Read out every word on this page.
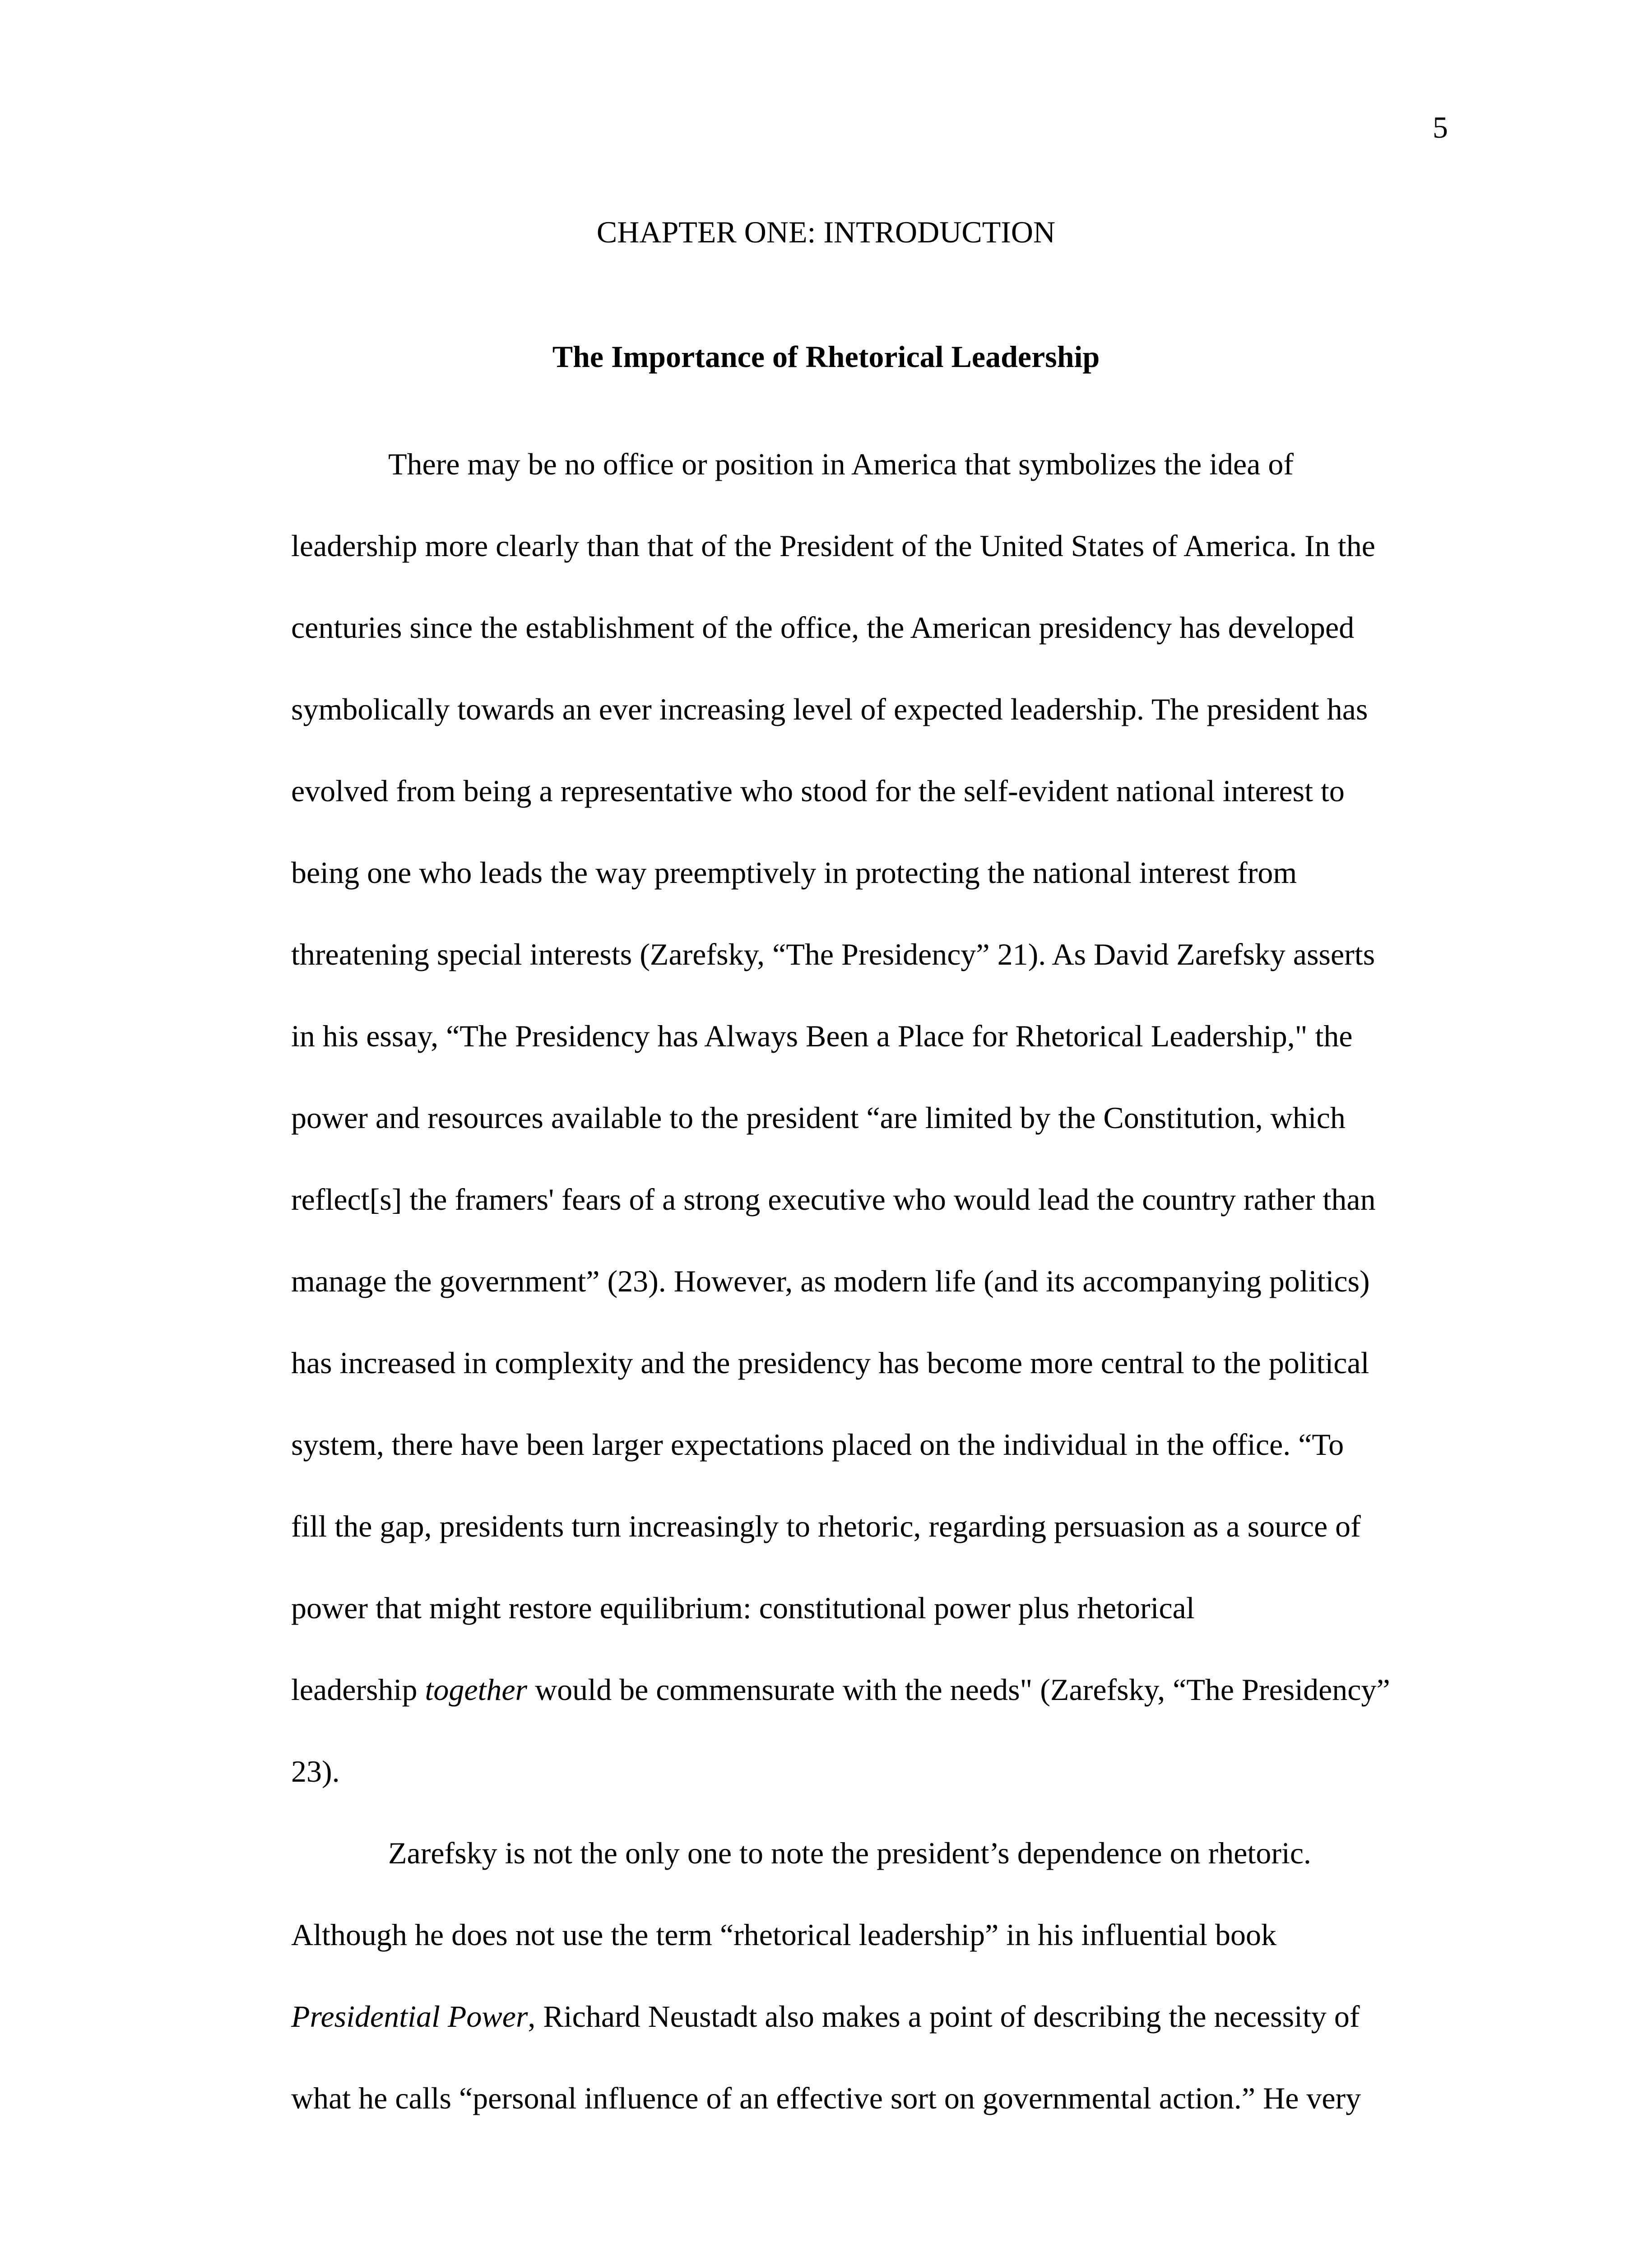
5
CHAPTER ONE: INTRODUCTION
The Importance of Rhetorical Leadership

There may be no office or position in America that symbolizes the idea of
leadership more clearly than that of the President of the United States of America. In the
centuries since the establishment of the office, the American presidency has developed
symbolically towards an ever increasing level of expected leadership. The president has
evolved from being a representative who stood for the self-evident national interest to
being one who leads the way preemptively in protecting the national interest from
threatening special interests (Zarefsky, “The Presidency” 21). As David Zarefsky asserts
in his essay, “The Presidency has Always Been a Place for Rhetorical Leadership," the
power and resources available to the president “are limited by the Constitution, which
reflect[s] the framers' fears of a strong executive who would lead the country rather than
manage the government” (23). However, as modern life (and its accompanying politics)
has increased in complexity and the presidency has become more central to the political
system, there have been larger expectations placed on the individual in the office. “To
fill the gap, presidents turn increasingly to rhetoric, regarding persuasion as a source of
power that might restore equilibrium: constitutional power plus rhetorical
leadership together would be commensurate with the needs" (Zarefsky, “The Presidency”
23).

Zarefsky is not the only one to note the president’s dependence on rhetoric.
Although he does not use the term “rhetorical leadership” in his influential book
Presidential Power, Richard Neustadt also makes a point of describing the necessity of
what he calls “personal influence of an effective sort on governmental action.” He very
